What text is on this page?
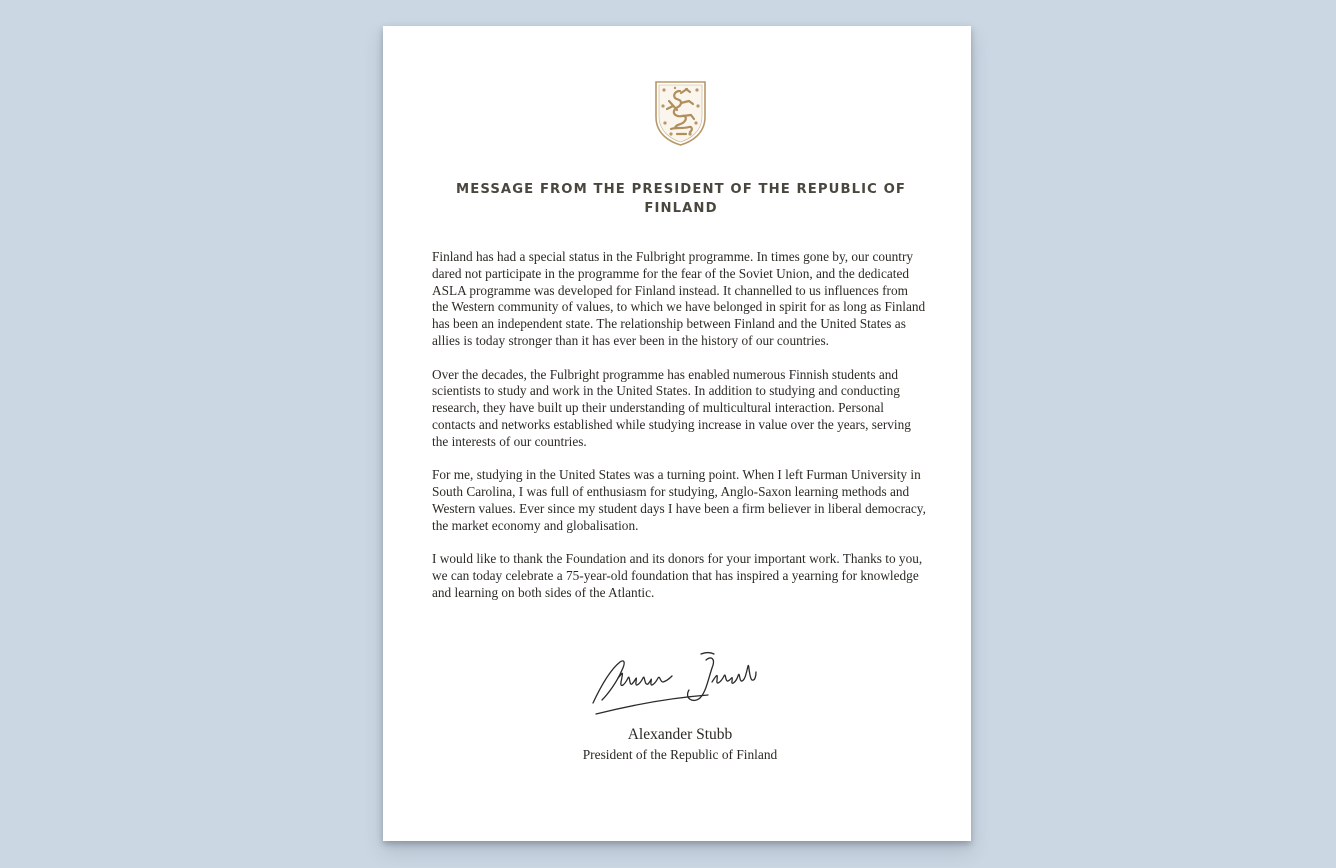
MESSAGE FROM THE PRESIDENT OF THE REPUBLIC OF FINLAND

Finland has had a special status in the Fulbright programme. In times gone by, our country dared not participate in the programme for the fear of the Soviet Union, and the dedicated ASLA programme was developed for Finland instead. It channelled to us influences from the Western community of values, to which we have belonged in spirit for as long as Finland has been an independent state. The relationship between Finland and the United States as allies is today stronger than it has ever been in the history of our countries.

Over the decades, the Fulbright programme has enabled numerous Finnish students and scientists to study and work in the United States. In addition to studying and conducting research, they have built up their understanding of multicultural interaction. Personal contacts and networks established while studying increase in value over the years, serving the interests of our countries.

For me, studying in the United States was a turning point. When I left Furman University in South Carolina, I was full of enthusiasm for studying, Anglo-Saxon learning methods and Western values. Ever since my student days I have been a firm believer in liberal democracy, the market economy and globalisation.

I would like to thank the Foundation and its donors for your important work. Thanks to you, we can today celebrate a 75-year-old foundation that has inspired a yearning for knowledge and learning on both sides of the Atlantic.

Alexander Stubb
President of the Republic of Finland
